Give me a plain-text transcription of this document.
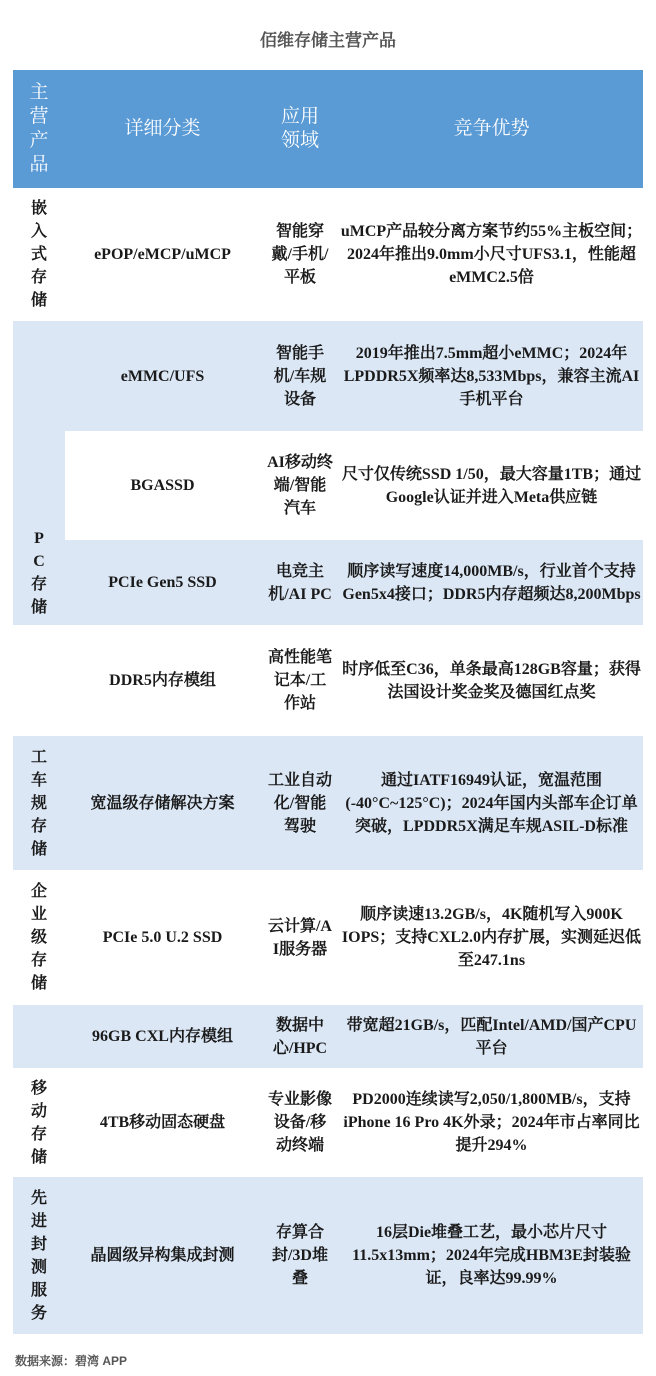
佰维存储主营产品
主营产品	详细分类	应用领域	竞争优势
嵌入式存储	ePOP/eMCP/uMCP	智能穿戴/手机/平板	uMCP产品较分离方案节约55%主板空间；2024年推出9.0mm小尺寸UFS3.1，性能超eMMC2.5倍
PC存储	eMMC/UFS	智能手机/车规设备	2019年推出7.5mm超小eMMC；2024年LPDDR5X频率达8,533Mbps，兼容主流AI手机平台
	BGASSD	AI移动终端/智能汽车	尺寸仅传统SSD 1/50，最大容量1TB；通过Google认证并进入Meta供应链
	PCIe Gen5 SSD	电竞主机/AI PC	顺序读写速度14,000MB/s，行业首个支持Gen5x4接口；DDR5内存超频达8,200Mbps
	DDR5内存模组	高性能笔记本/工作站	时序低至C36，单条最高128GB容量；获得法国设计奖金奖及德国红点奖
工车规存储	宽温级存储解决方案	工业自动化/智能驾驶	通过IATF16949认证，宽温范围(-40°C~125°C)；2024年国内头部车企订单突破，LPDDR5X满足车规ASIL-D标准
企业级存储	PCIe 5.0 U.2 SSD	云计算/AI服务器	顺序读速13.2GB/s，4K随机写入900K IOPS；支持CXL2.0内存扩展，实测延迟低至247.1ns
	96GB CXL内存模组	数据中心/HPC	带宽超21GB/s，匹配Intel/AMD/国产CPU平台
移动存储	4TB移动固态硬盘	专业影像设备/移动终端	PD2000连续读写2,050/1,800MB/s，支持iPhone 16 Pro 4K外录；2024年市占率同比提升294%
先进封测服务	晶圆级异构集成封测	存算合封/3D堆叠	16层Die堆叠工艺，最小芯片尺寸11.5x13mm；2024年完成HBM3E封装验证，良率达99.99%
数据来源：碧湾 APP
